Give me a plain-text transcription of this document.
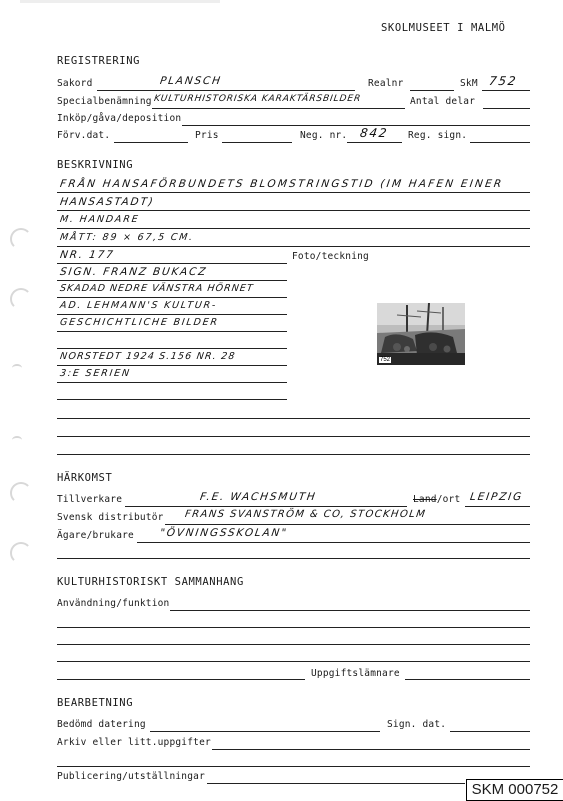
SKOLMUSEET I MALMÖ
REGISTRERING
Sakord	PLANSCH	Realnr	SkM 752
Specialbenämning KULTURHISTORISKA KARAKTÄRSBILDER	Antal delar
Inköp/gåva/deposition
Förv.dat.	Pris	Neg. nr. 842 Reg. sign.
BESKRIVNING
FRÅN HANSAFÖRBUNDETS BLOMSTRINGSTID (IM HAFEN EINER
HANSASTADT)
M. HANDARE
MÅTT: 89 × 67,5 CM.
NR. 177
SIGN. FRANZ BUKACZ
SKADAD NEDRE VÄNSTRA HÖRNET
AD. LEHMANN'S KULTUR-
GESCHICHTLICHE BILDER
NORSTEDT 1924 S.156 NR. 28
3:E SERIEN
Foto/teckning
752
HÄRKOMST
Tillverkare	F.E. WACHSMUTH	Land/ort LEIPZIG
Svensk distributör FRANS SVANSTRÖM & CO, STOCKHOLM
Ägare/brukare "ÖVNINGSSKOLAN"
KULTURHISTORISKT SAMMANHANG
Användning/funktion
Uppgiftslämnare
BEARBETNING
Bedömd datering	Sign. dat.
Arkiv eller litt.uppgifter
Publicering/utställningar
SKM 000752
